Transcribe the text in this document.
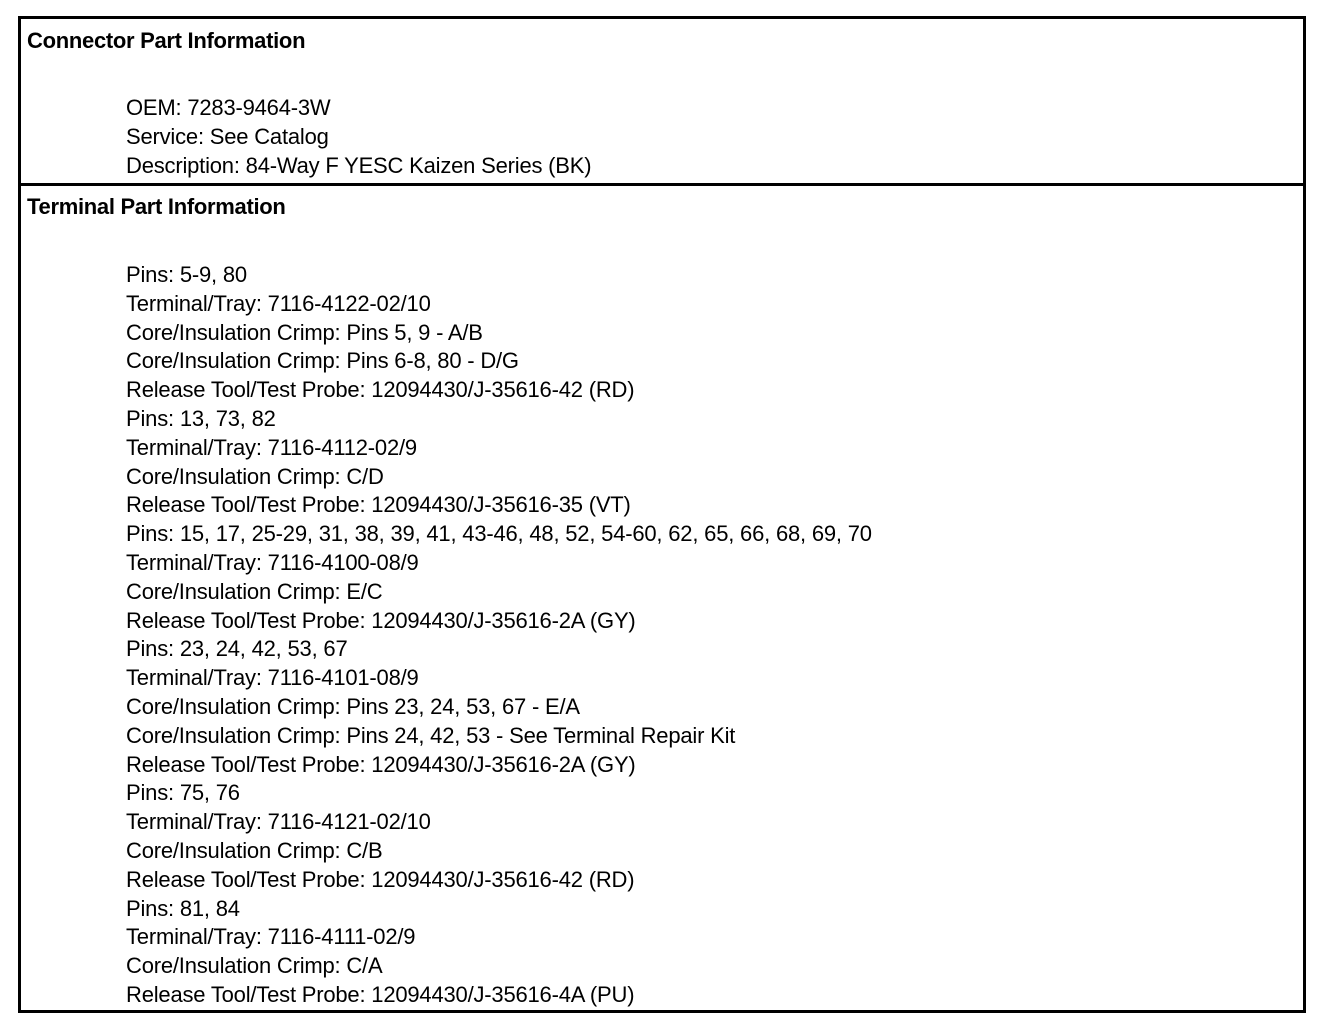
Connector Part Information
OEM: 7283-9464-3W
Service: See Catalog
Description: 84-Way F YESC Kaizen Series (BK)
Terminal Part Information
Pins: 5-9, 80
Terminal/Tray: 7116-4122-02/10
Core/Insulation Crimp: Pins 5, 9 - A/B
Core/Insulation Crimp: Pins 6-8, 80 - D/G
Release Tool/Test Probe: 12094430/J-35616-42 (RD)
Pins: 13, 73, 82
Terminal/Tray: 7116-4112-02/9
Core/Insulation Crimp: C/D
Release Tool/Test Probe: 12094430/J-35616-35 (VT)
Pins: 15, 17, 25-29, 31, 38, 39, 41, 43-46, 48, 52, 54-60, 62, 65, 66, 68, 69, 70
Terminal/Tray: 7116-4100-08/9
Core/Insulation Crimp: E/C
Release Tool/Test Probe: 12094430/J-35616-2A (GY)
Pins: 23, 24, 42, 53, 67
Terminal/Tray: 7116-4101-08/9
Core/Insulation Crimp: Pins 23, 24, 53, 67 - E/A
Core/Insulation Crimp: Pins 24, 42, 53 - See Terminal Repair Kit
Release Tool/Test Probe: 12094430/J-35616-2A (GY)
Pins: 75, 76
Terminal/Tray: 7116-4121-02/10
Core/Insulation Crimp: C/B
Release Tool/Test Probe: 12094430/J-35616-42 (RD)
Pins: 81, 84
Terminal/Tray: 7116-4111-02/9
Core/Insulation Crimp: C/A
Release Tool/Test Probe: 12094430/J-35616-4A (PU)
